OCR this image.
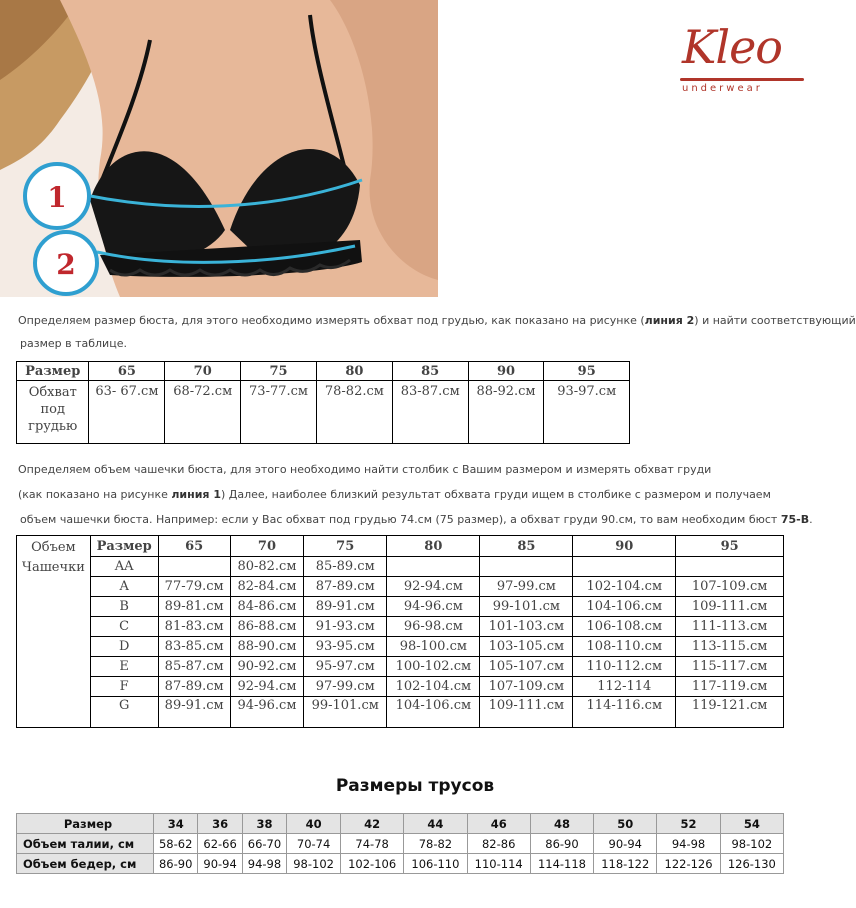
1
2
Kleo
underwear
Определяем размер бюста, для этого необходимо измерять обхват под грудью, как показано на рисунке (линия 2) и найти соответствующий
размер в таблице.
Размер	65	70	75	80	85	90	95

Обхват
под
грудью	63- 67.см	68-72.см	73-77.см	78-82.см	83-87.см	88-92.см	93-97.см
Определяем объем чашечки бюста, для этого необходимо найти столбик с Вашим размером и измерять обхват груди
(как показано на рисунке линия 1) Далее, наиболее близкий результат обхвата груди ищем в столбике с размером и получаем
объем чашечки бюста. Например: если у Вас обхват под грудью 74.см (75 размер), а обхват груди 90.см, то вам необходим бюст 75-B.
Объем
Чашечки	Размер	65	70	75	80	85	90	95
	AA		80-82.см	85-89.см				
	A	77-79.см	82-84.см	87-89.см	92-94.см	97-99.см	102-104.см	107-109.см
	B	89-81.см	84-86.см	89-91.см	94-96.см	99-101.см	104-106.см	109-111.см
	C	81-83.см	86-88.см	91-93.см	96-98.см	101-103.см	106-108.см	111-113.см
	D	83-85.см	88-90.см	93-95.см	98-100.см	103-105.см	108-110.см	113-115.см
	E	85-87.см	90-92.см	95-97.см	100-102.см	105-107.см	110-112.см	115-117.см
	F	87-89.см	92-94.см	97-99.см	102-104.см	107-109.см	112-114	117-119.см
	G	89-91.см	94-96.см	99-101.см	104-106.см	109-111.см	114-116.см	119-121.см
Размеры трусов
Размер	34	36	38	40	42	44	46	48	50	52	54
Объем талии, см	58-62	62-66	66-70	70-74	74-78	78-82	82-86	86-90	90-94	94-98	98-102
Объем бедер, см	86-90	90-94	94-98	98-102	102-106	106-110	110-114	114-118	118-122	122-126	126-130
